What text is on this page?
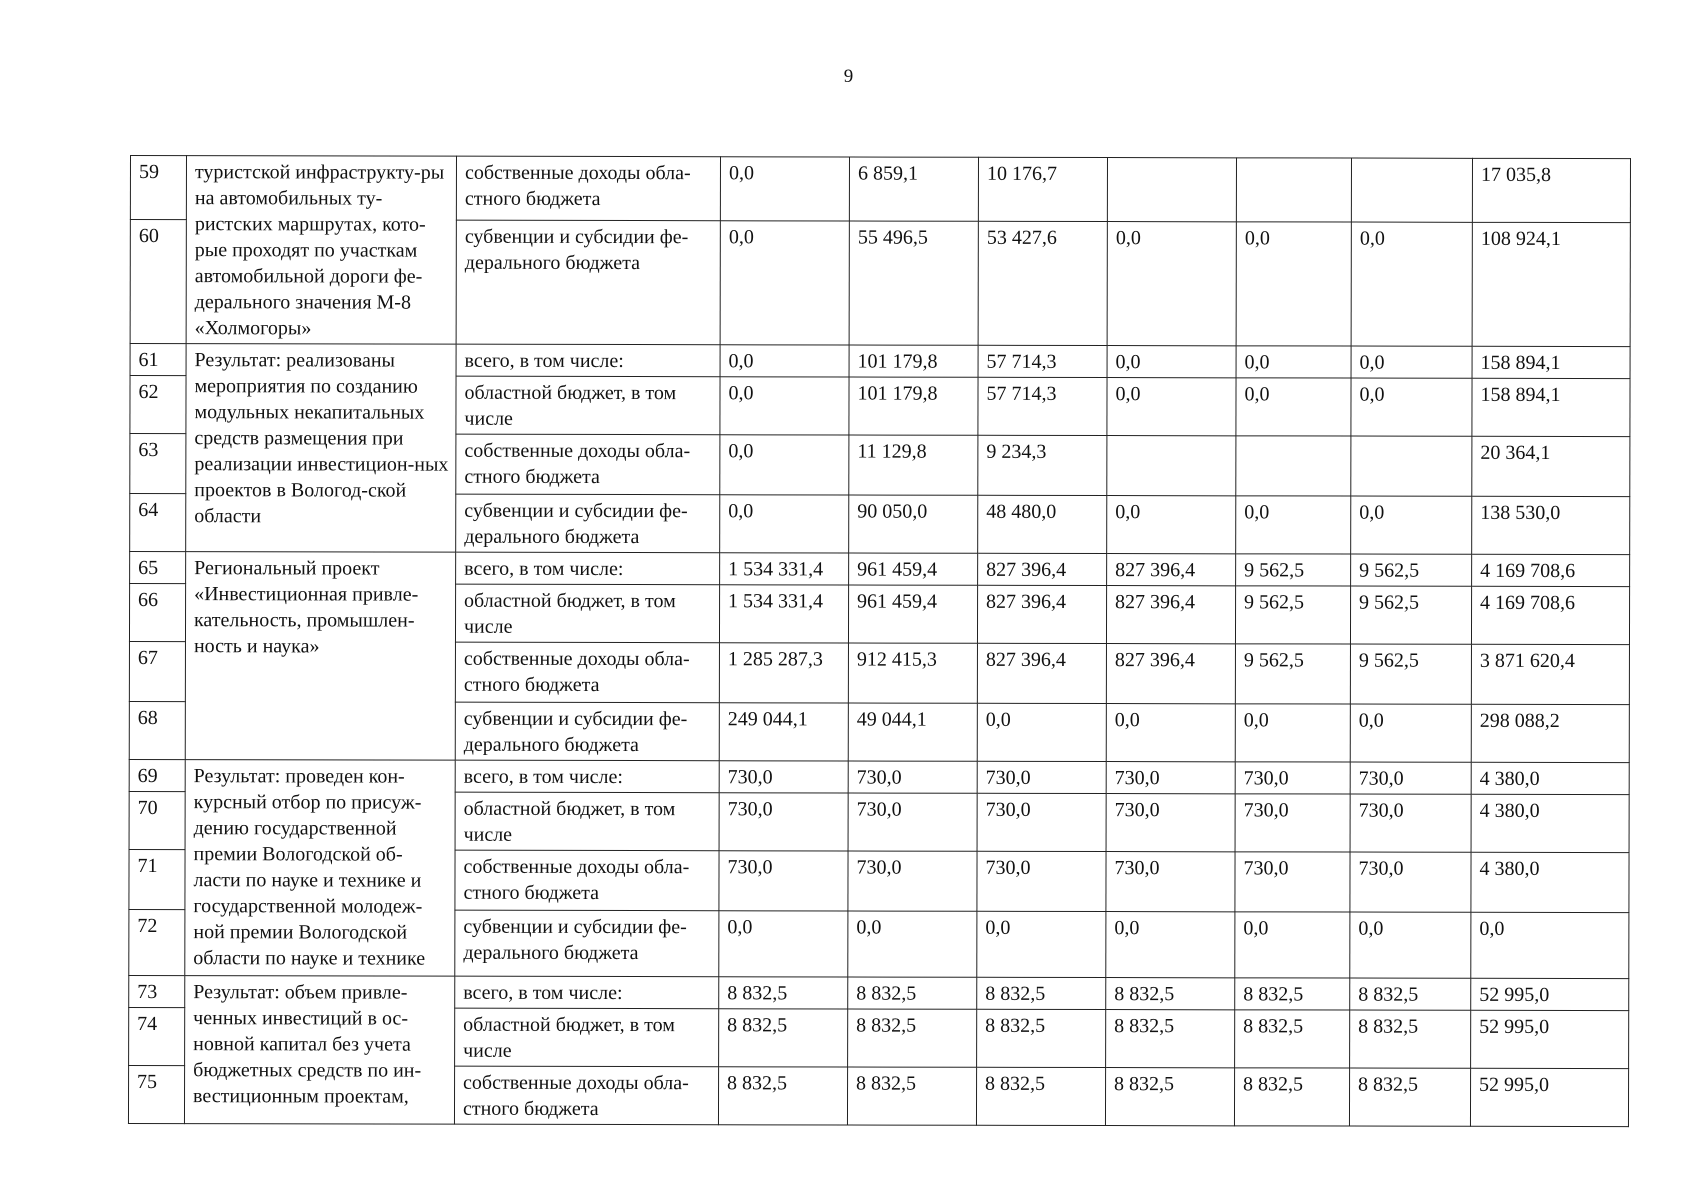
9
59	туристской инфраструкту-ры на автомобильных ту-ристских маршрутах, кото-рые проходят по участкам автомобильной дороги фе-дерального значения М-8 «Холмогоры»	собственные доходы обла-стного бюджета	0,0	6 859,1	10 176,7				17 035,8
60		субвенции и субсидии фе-дерального бюджета	0,0	55 496,5	53 427,6	0,0	0,0	0,0	108 924,1
61	Результат: реализованы мероприятия по созданию модульных некапитальных средств размещения при реализации инвестицион-ных проектов в Вологод-ской области	всего, в том числе:	0,0	101 179,8	57 714,3	0,0	0,0	0,0	158 894,1
62		областной бюджет, в том числе	0,0	101 179,8	57 714,3	0,0	0,0	0,0	158 894,1
63		собственные доходы обла-стного бюджета	0,0	11 129,8	9 234,3				20 364,1
64		субвенции и субсидии фе-дерального бюджета	0,0	90 050,0	48 480,0	0,0	0,0	0,0	138 530,0
65	Региональный проект «Инвестиционная привле-кательность, промышлен-ность и наука»	всего, в том числе:	1 534 331,4	961 459,4	827 396,4	827 396,4	9 562,5	9 562,5	4 169 708,6
66		областной бюджет, в том числе	1 534 331,4	961 459,4	827 396,4	827 396,4	9 562,5	9 562,5	4 169 708,6
67		собственные доходы обла-стного бюджета	1 285 287,3	912 415,3	827 396,4	827 396,4	9 562,5	9 562,5	3 871 620,4
68		субвенции и субсидии фе-дерального бюджета	249 044,1	49 044,1	0,0	0,0	0,0	0,0	298 088,2
69	Результат: проведен кон-курсный отбор по присуж-дению государственной премии Вологодской об-ласти по науке и технике и государственной молодеж-ной премии Вологодской области по науке и технике	всего, в том числе:	730,0	730,0	730,0	730,0	730,0	730,0	4 380,0
70		областной бюджет, в том числе	730,0	730,0	730,0	730,0	730,0	730,0	4 380,0
71		собственные доходы обла-стного бюджета	730,0	730,0	730,0	730,0	730,0	730,0	4 380,0
72		субвенции и субсидии фе-дерального бюджета	0,0	0,0	0,0	0,0	0,0	0,0	0,0
73	Результат: объем привле-ченных инвестиций в ос-новной капитал без учета бюджетных средств по ин-вестиционным проектам,	всего, в том числе:	8 832,5	8 832,5	8 832,5	8 832,5	8 832,5	8 832,5	52 995,0
74		областной бюджет, в том числе	8 832,5	8 832,5	8 832,5	8 832,5	8 832,5	8 832,5	52 995,0
75		собственные доходы обла-стного бюджета	8 832,5	8 832,5	8 832,5	8 832,5	8 832,5	8 832,5	52 995,0
